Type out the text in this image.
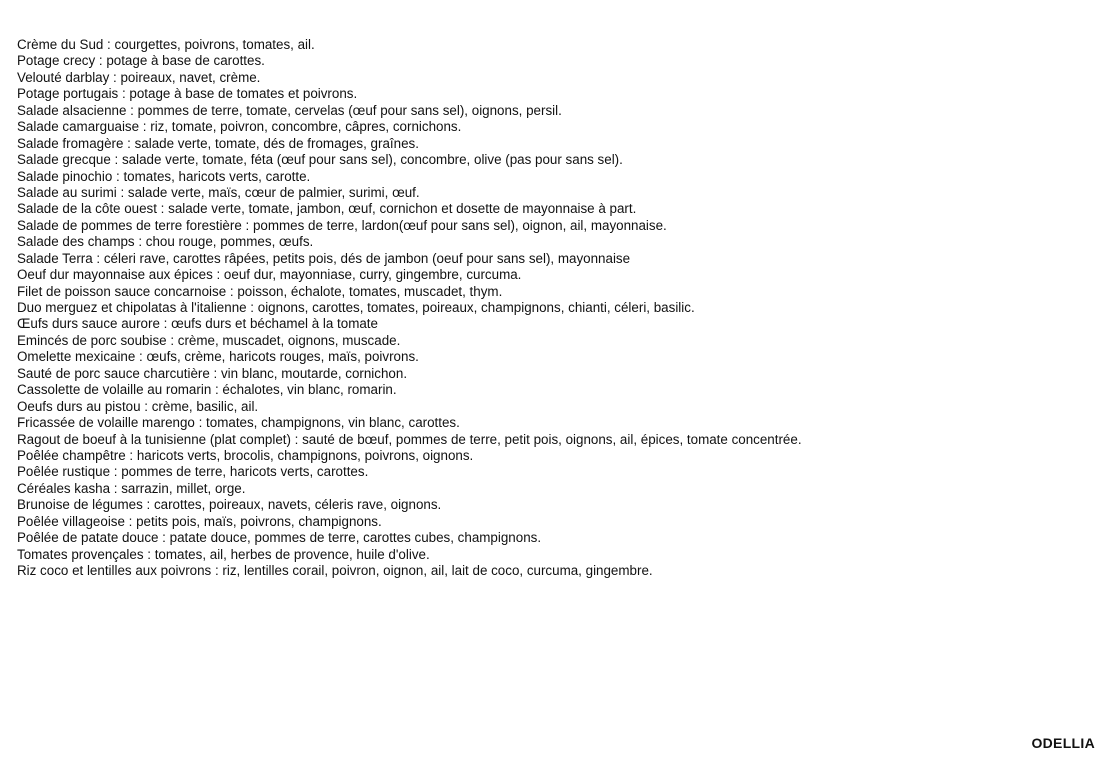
Crème du Sud : courgettes, poivrons, tomates, ail.
Potage crecy : potage à base de carottes.
Velouté darblay : poireaux, navet, crème.
Potage portugais : potage à base de tomates et poivrons.
Salade alsacienne : pommes de terre, tomate, cervelas (œuf pour sans sel), oignons, persil.
Salade camarguaise : riz, tomate, poivron, concombre, câpres, cornichons.
Salade fromagère : salade verte, tomate, dés de fromages, graînes.
Salade grecque : salade verte, tomate, féta (œuf pour sans sel), concombre, olive (pas pour sans sel).
Salade pinochio : tomates, haricots verts, carotte.
Salade au surimi : salade verte, maïs, cœur de palmier, surimi, œuf.
Salade de la côte ouest : salade verte, tomate, jambon, œuf, cornichon et dosette de mayonnaise à part.
Salade de pommes de terre forestière : pommes de terre, lardon(œuf pour sans sel), oignon, ail, mayonnaise.
Salade des champs : chou rouge, pommes, œufs.
Salade Terra : céleri rave, carottes râpées, petits pois, dés de jambon (oeuf pour sans sel), mayonnaise
Oeuf dur mayonnaise aux épices : oeuf dur, mayonniase, curry, gingembre, curcuma.
Filet de poisson sauce concarnoise : poisson, échalote, tomates, muscadet, thym.
Duo merguez et chipolatas à l'italienne : oignons, carottes, tomates, poireaux, champignons, chianti, céleri, basilic.
Œufs durs sauce aurore : œufs durs et béchamel à la tomate
Emincés de porc soubise : crème, muscadet, oignons, muscade.
Omelette mexicaine : œufs, crème, haricots rouges, maïs, poivrons.
Sauté de porc sauce charcutière : vin blanc, moutarde, cornichon.
Cassolette de volaille au romarin : échalotes, vin blanc, romarin.
Oeufs durs au pistou : crème, basilic, ail.
Fricassée de volaille marengo : tomates, champignons, vin blanc, carottes.
Ragout de boeuf à la tunisienne (plat complet) : sauté de bœuf, pommes de terre, petit pois, oignons, ail, épices, tomate concentrée.
Poêlée champêtre : haricots verts, brocolis, champignons, poivrons, oignons.
Poêlée rustique : pommes de terre, haricots verts, carottes.
Céréales kasha : sarrazin, millet, orge.
Brunoise de légumes : carottes, poireaux, navets, céleris rave, oignons.
Poêlée villageoise : petits pois, maïs, poivrons, champignons.
Poêlée de patate douce : patate douce, pommes de terre, carottes cubes, champignons.
Tomates provençales : tomates, ail, herbes de provence, huile d'olive.
Riz coco et lentilles aux poivrons : riz, lentilles corail, poivron, oignon, ail, lait de coco, curcuma, gingembre.
ODELLIA
